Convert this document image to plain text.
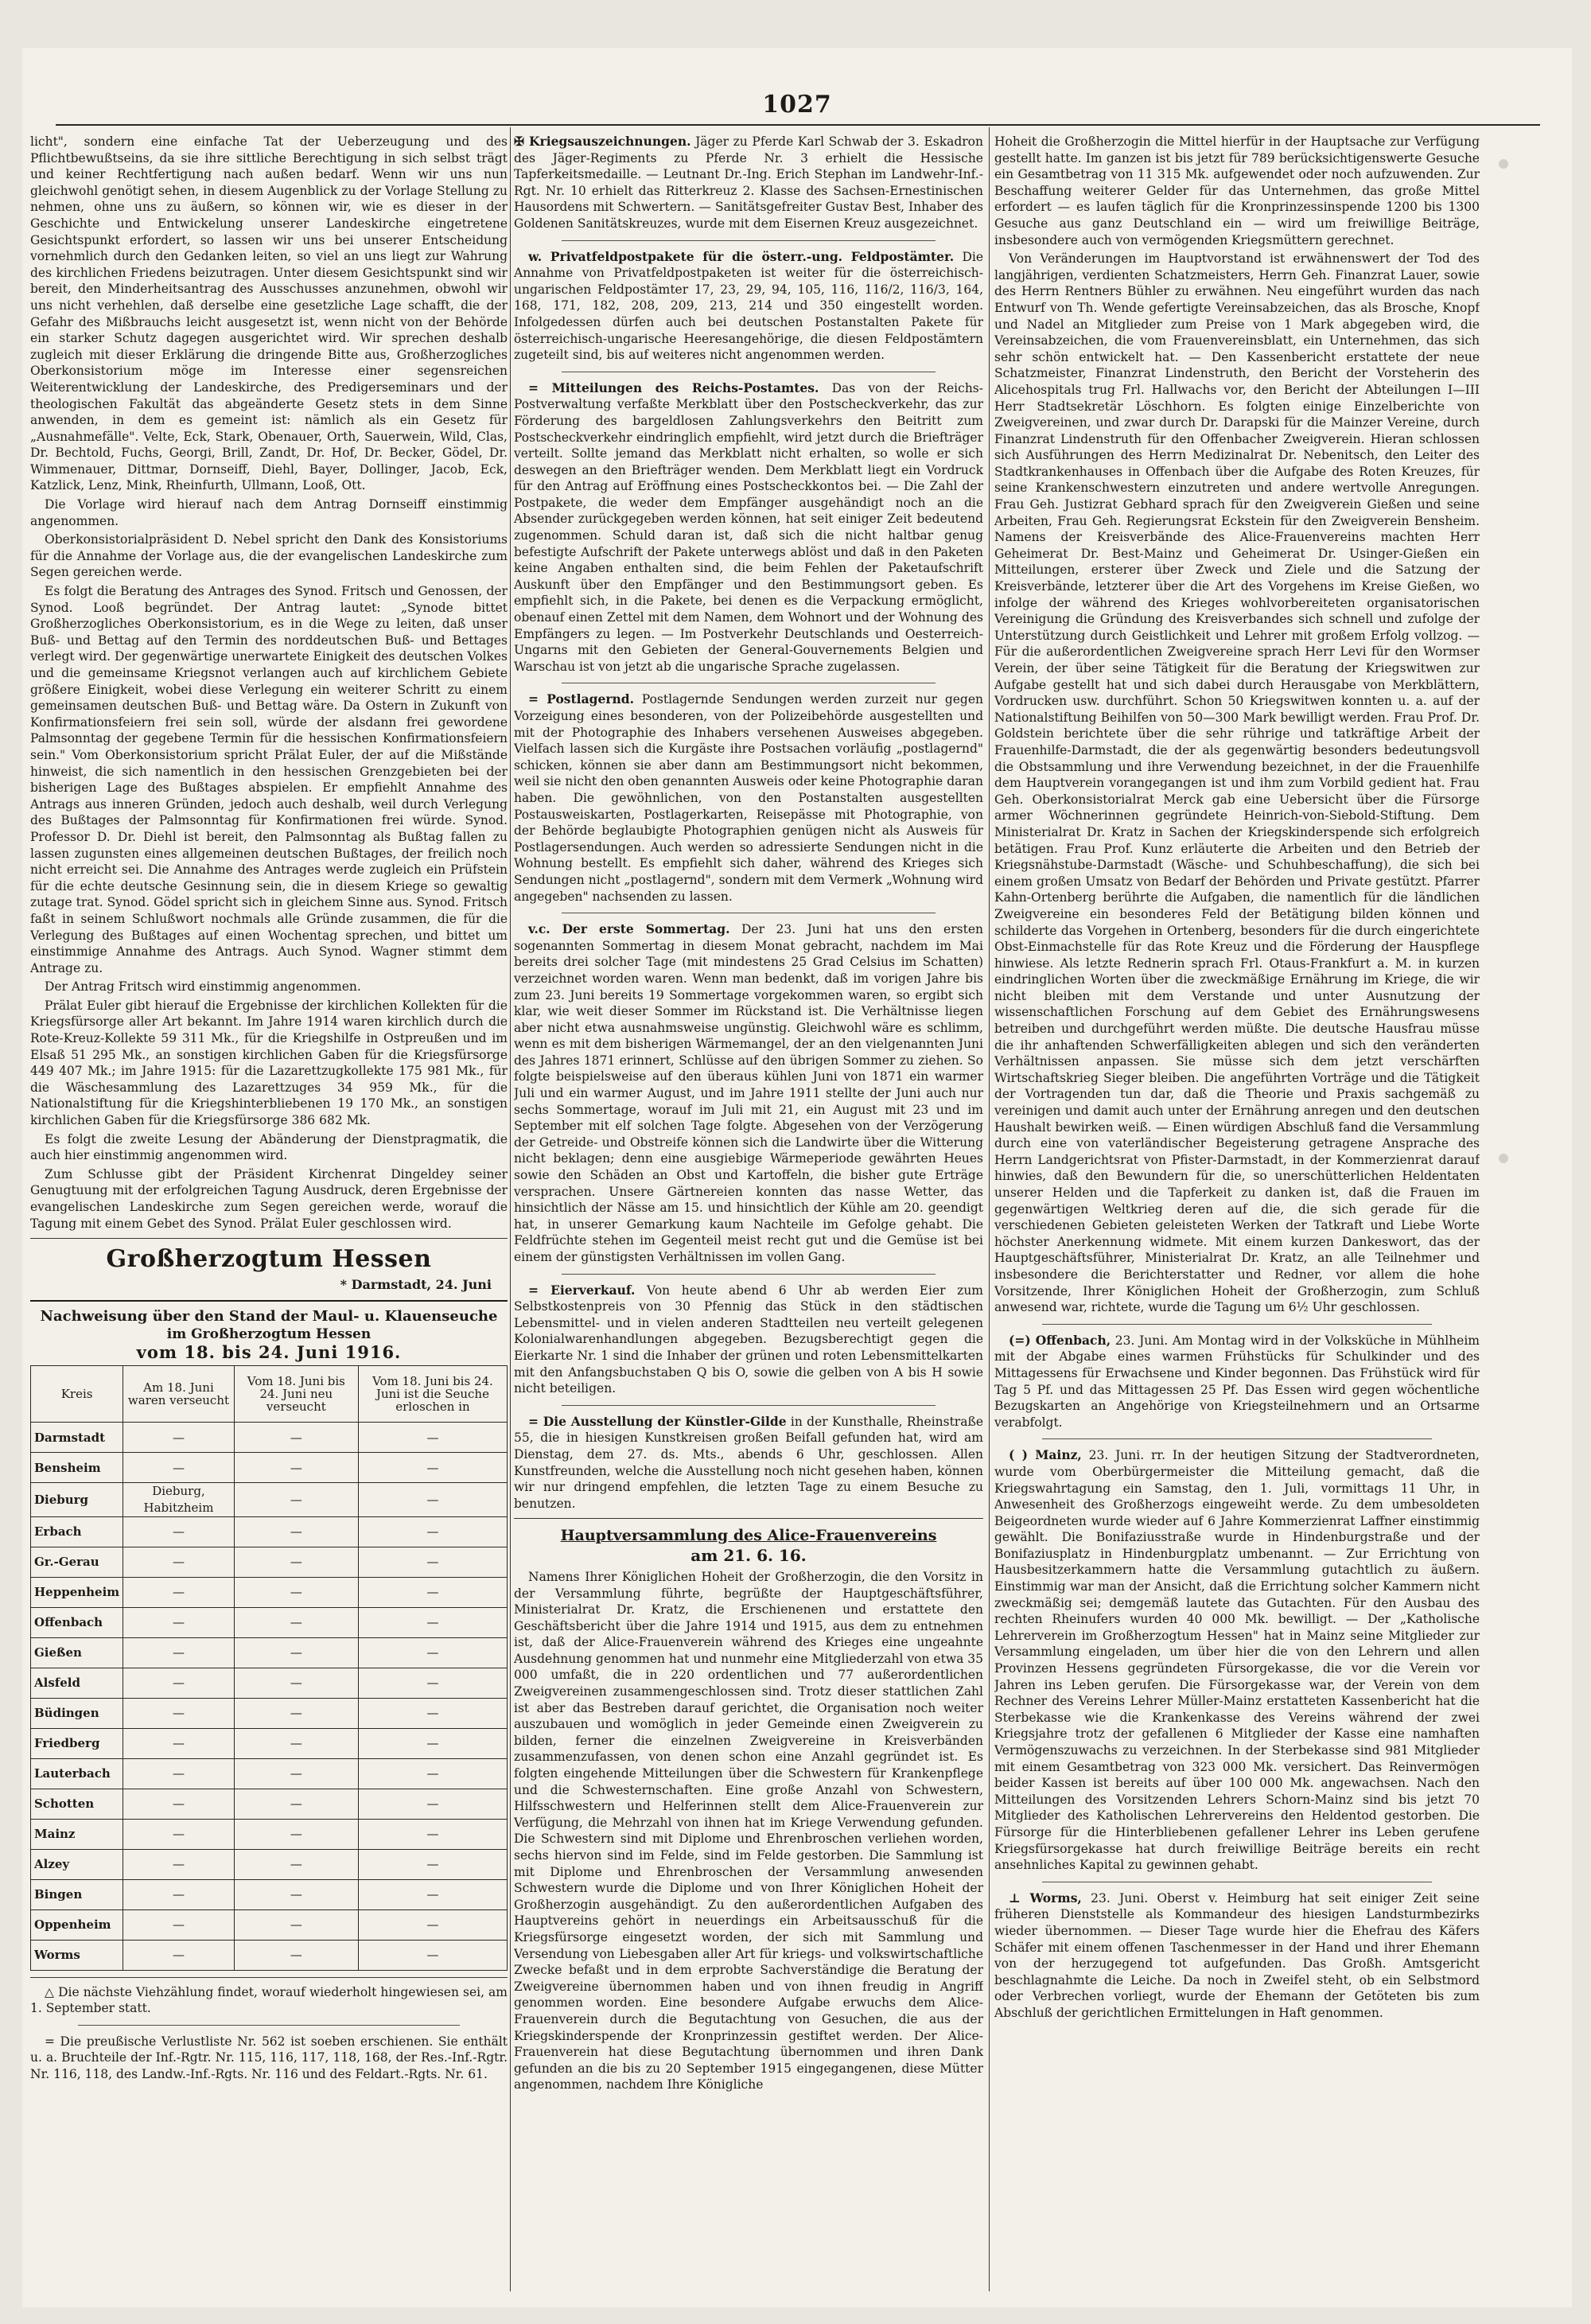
1027

licht", sondern eine einfache Tat der Ueberzeugung und des Pflichtbewußtseins, da sie ihre sittliche Berechtigung in sich selbst trägt und keiner Rechtfertigung nach außen bedarf. Wenn wir uns nun gleichwohl genötigt sehen, in diesem Augenblick zu der Vorlage Stellung zu nehmen, ohne uns zu äußern, so können wir, wie es dieser in der Geschichte und Entwickelung unserer Landeskirche eingetretene Gesichtspunkt erfordert, so lassen wir uns bei unserer Entscheidung vornehmlich durch den Gedanken leiten, so viel an uns liegt zur Wahrung des kirchlichen Friedens beizutragen. Unter diesem Gesichtspunkt sind wir bereit, den Minderheitsantrag des Ausschusses anzunehmen, obwohl wir uns nicht verhehlen, daß derselbe eine gesetzliche Lage schafft, die der Gefahr des Mißbrauchs leicht ausgesetzt ist, wenn nicht von der Behörde ein starker Schutz dagegen ausgerichtet wird. Wir sprechen deshalb zugleich mit dieser Erklärung die dringende Bitte aus, Großherzogliches Oberkonsistorium möge im Interesse einer segensreichen Weiterentwicklung der Landeskirche, des Predigerseminars und der theologischen Fakultät das abgeänderte Gesetz stets in dem Sinne anwenden, in dem es gemeint ist: nämlich als ein Gesetz für „Ausnahmefälle". Velte, Eck, Stark, Obenauer, Orth, Sauerwein, Wild, Clas, Dr. Bechtold, Fuchs, Georgi, Brill, Zandt, Dr. Hof, Dr. Becker, Gödel, Dr. Wimmenauer, Dittmar, Dornseiff, Diehl, Bayer, Dollinger, Jacob, Eck, Katzlick, Lenz, Mink, Rheinfurth, Ullmann, Looß, Ott.

Die Vorlage wird hierauf nach dem Antrag Dornseiff einstimmig angenommen.

Oberkonsistorialpräsident D. Nebel spricht den Dank des Konsistoriums für die Annahme der Vorlage aus, die der evangelischen Landeskirche zum Segen gereichen werde.

Es folgt die Beratung des Antrages des Synod. Fritsch und Genossen, der Synod. Looß begründet. Der Antrag lautet: „Synode bittet Großherzogliches Oberkonsistorium, es in die Wege zu leiten, daß unser Buß- und Bettag auf den Termin des norddeutschen Buß- und Bettages verlegt wird. Der gegenwärtige unerwartete Einigkeit des deutschen Volkes und die gemeinsame Kriegsnot verlangen auch auf kirchlichem Gebiete größere Einigkeit, wobei diese Verlegung ein weiterer Schritt zu einem gemeinsamen deutschen Buß- und Bettag wäre. Da Ostern in Zukunft von Konfirmationsfeiern frei sein soll, würde der alsdann frei gewordene Palmsonntag der gegebene Termin für die hessischen Konfirmationsfeiern sein." Vom Oberkonsistorium spricht Prälat Euler, der auf die Mißstände hinweist, die sich namentlich in den hessischen Grenzgebieten bei der bisherigen Lage des Bußtages abspielen. Er empfiehlt Annahme des Antrags aus inneren Gründen, jedoch auch deshalb, weil durch Verlegung des Bußtages der Palmsonntag für Konfirmationen frei würde. Synod. Professor D. Dr. Diehl ist bereit, den Palmsonntag als Bußtag fallen zu lassen zugunsten eines allgemeinen deutschen Bußtages, der freilich noch nicht erreicht sei. Die Annahme des Antrages werde zugleich ein Prüfstein für die echte deutsche Gesinnung sein, die in diesem Kriege so gewaltig zutage trat. Synod. Gödel spricht sich in gleichem Sinne aus. Synod. Fritsch faßt in seinem Schlußwort nochmals alle Gründe zusammen, die für die Verlegung des Bußtages auf einen Wochentag sprechen, und bittet um einstimmige Annahme des Antrags. Auch Synod. Wagner stimmt dem Antrage zu.

Der Antrag Fritsch wird einstimmig angenommen.

Prälat Euler gibt hierauf die Ergebnisse der kirchlichen Kollekten für die Kriegsfürsorge aller Art bekannt. Im Jahre 1914 waren kirchlich durch die Rote-Kreuz-Kollekte 59 311 Mk., für die Kriegshilfe in Ostpreußen und im Elsaß 51 295 Mk., an sonstigen kirchlichen Gaben für die Kriegsfürsorge 449 407 Mk.; im Jahre 1915: für die Lazarettzugkollekte 175 981 Mk., für die Wäschesammlung des Lazarettzuges 34 959 Mk., für die Nationalstiftung für die Kriegshinterbliebenen 19 170 Mk., an sonstigen kirchlichen Gaben für die Kriegsfürsorge 386 682 Mk.

Es folgt die zweite Lesung der Abänderung der Dienstpragmatik, die auch hier einstimmig angenommen wird.

Zum Schlusse gibt der Präsident Kirchenrat Dingeldey seiner Genugtuung mit der erfolgreichen Tagung Ausdruck, deren Ergebnisse der evangelischen Landeskirche zum Segen gereichen werde, worauf die Tagung mit einem Gebet des Synod. Prälat Euler geschlossen wird.

Großherzogtum Hessen
* Darmstadt, 24. Juni
Nachweisung über den Stand der Maul- u. Klauenseuche
im Großherzogtum Hessen
vom 18. bis 24. Juni 1916.
Kreis	Am 18. Juni waren verseucht	Vom 18. Juni bis 24. Juni neu verseucht	Vom 18. Juni bis 24. Juni ist die Seuche erloschen in
Darmstadt	—	—	—
Bensheim	—	—	—
Dieburg	Dieburg, Habitzheim	—	—
Erbach	—	—	—
Gr.-Gerau	—	—	—
Heppenheim	—	—	—
Offenbach	—	—	—
Gießen	—	—	—
Alsfeld	—	—	—
Büdingen	—	—	—
Friedberg	—	—	—
Lauterbach	—	—	—
Schotten	—	—	—
Mainz	—	—	—
Alzey	—	—	—
Bingen	—	—	—
Oppenheim	—	—	—
Worms	—	—	—

△ Die nächste Viehzählung findet, worauf wiederholt hingewiesen sei, am 1. September statt.

= Die preußische Verlustliste Nr. 562 ist soeben erschienen. Sie enthält u. a. Bruchteile der Inf.-Rgtr. Nr. 115, 116, 117, 118, 168, der Res.-Inf.-Rgtr. Nr. 116, 118, des Landw.-Inf.-Rgts. Nr. 116 und des Feldart.-Rgts. Nr. 61.

✠ Kriegsauszeichnungen. Jäger zu Pferde Karl Schwab der 3. Eskadron des Jäger-Regiments zu Pferde Nr. 3 erhielt die Hessische Tapferkeitsmedaille. — Leutnant Dr.-Ing. Erich Stephan im Landwehr-Inf.-Rgt. Nr. 10 erhielt das Ritterkreuz 2. Klasse des Sachsen-Ernestinischen Hausordens mit Schwertern. — Sanitätsgefreiter Gustav Best, Inhaber des Goldenen Sanitätskreuzes, wurde mit dem Eisernen Kreuz ausgezeichnet.

w. Privatfeldpostpakete für die österr.-ung. Feldpostämter. Die Annahme von Privatfeldpostpaketen ist weiter für die österreichisch-ungarischen Feldpostämter 17, 23, 29, 94, 105, 116, 116/2, 116/3, 164, 168, 171, 182, 208, 209, 213, 214 und 350 eingestellt worden. Infolgedessen dürfen auch bei deutschen Postanstalten Pakete für österreichisch-ungarische Heeresangehörige, die diesen Feldpostämtern zugeteilt sind, bis auf weiteres nicht angenommen werden.

= Mitteilungen des Reichs-Postamtes. Das von der Reichs-Postverwaltung verfaßte Merkblatt über den Postscheckverkehr, das zur Förderung des bargeldlosen Zahlungsverkehrs den Beitritt zum Postscheckverkehr eindringlich empfiehlt, wird jetzt durch die Briefträger verteilt. Sollte jemand das Merkblatt nicht erhalten, so wolle er sich deswegen an den Briefträger wenden. Dem Merkblatt liegt ein Vordruck für den Antrag auf Eröffnung eines Postscheckkontos bei. — Die Zahl der Postpakete, die weder dem Empfänger ausgehändigt noch an die Absender zurückgegeben werden können, hat seit einiger Zeit bedeutend zugenommen. Schuld daran ist, daß sich die nicht haltbar genug befestigte Aufschrift der Pakete unterwegs ablöst und daß in den Paketen keine Angaben enthalten sind, die beim Fehlen der Paketaufschrift Auskunft über den Empfänger und den Bestimmungsort geben. Es empfiehlt sich, in die Pakete, bei denen es die Verpackung ermöglicht, obenauf einen Zettel mit dem Namen, dem Wohnort und der Wohnung des Empfängers zu legen. — Im Postverkehr Deutschlands und Oesterreich-Ungarns mit den Gebieten der General-Gouvernements Belgien und Warschau ist von jetzt ab die ungarische Sprache zugelassen.

= Postlagernd. Postlagernde Sendungen werden zurzeit nur gegen Vorzeigung eines besonderen, von der Polizeibehörde ausgestellten und mit der Photographie des Inhabers versehenen Ausweises abgegeben. Vielfach lassen sich die Kurgäste ihre Postsachen vorläufig „postlagernd" schicken, können sie aber dann am Bestimmungsort nicht bekommen, weil sie nicht den oben genannten Ausweis oder keine Photographie daran haben. Die gewöhnlichen, von den Postanstalten ausgestellten Postausweiskarten, Postlagerkarten, Reisepässe mit Photographie, von der Behörde beglaubigte Photographien genügen nicht als Ausweis für Postlagersendungen. Auch werden so adressierte Sendungen nicht in die Wohnung bestellt. Es empfiehlt sich daher, während des Krieges sich Sendungen nicht „postlagernd", sondern mit dem Vermerk „Wohnung wird angegeben" nachsenden zu lassen.

v.c. Der erste Sommertag. Der 23. Juni hat uns den ersten sogenannten Sommertag in diesem Monat gebracht, nachdem im Mai bereits drei solcher Tage (mit mindestens 25 Grad Celsius im Schatten) verzeichnet worden waren. Wenn man bedenkt, daß im vorigen Jahre bis zum 23. Juni bereits 19 Sommertage vorgekommen waren, so ergibt sich klar, wie weit dieser Sommer im Rückstand ist. Die Verhältnisse liegen aber nicht etwa ausnahmsweise ungünstig. Gleichwohl wäre es schlimm, wenn es mit dem bisherigen Wärmemangel, der an den vielgenannten Juni des Jahres 1871 erinnert, Schlüsse auf den übrigen Sommer zu ziehen. So folgte beispielsweise auf den überaus kühlen Juni von 1871 ein warmer Juli und ein warmer August, und im Jahre 1911 stellte der Juni auch nur sechs Sommertage, worauf im Juli mit 21, ein August mit 23 und im September mit elf solchen Tage folgte. Abgesehen von der Verzögerung der Getreide- und Obstreife können sich die Landwirte über die Witterung nicht beklagen; denn eine ausgiebige Wärmeperiode gewährten Heues sowie den Schäden an Obst und Kartoffeln, die bisher gute Erträge versprachen. Unsere Gärtnereien konnten das nasse Wetter, das hinsichtlich der Nässe am 15. und hinsichtlich der Kühle am 20. geendigt hat, in unserer Gemarkung kaum Nachteile im Gefolge gehabt. Die Feldfrüchte stehen im Gegenteil meist recht gut und die Gemüse ist bei einem der günstigsten Verhältnissen im vollen Gang.

= Eierverkauf. Von heute abend 6 Uhr ab werden Eier zum Selbstkostenpreis von 30 Pfennig das Stück in den städtischen Lebensmittel- und in vielen anderen Stadtteilen neu verteilt gelegenen Kolonialwarenhandlungen abgegeben. Bezugsberechtigt gegen die Eierkarte Nr. 1 sind die Inhaber der grünen und roten Lebensmittelkarten mit den Anfangsbuchstaben Q bis O, sowie die gelben von A bis H sowie nicht beteiligen.

= Die Ausstellung der Künstler-Gilde in der Kunsthalle, Rheinstraße 55, die in hiesigen Kunstkreisen großen Beifall gefunden hat, wird am Dienstag, dem 27. ds. Mts., abends 6 Uhr, geschlossen. Allen Kunstfreunden, welche die Ausstellung noch nicht gesehen haben, können wir nur dringend empfehlen, die letzten Tage zu einem Besuche zu benutzen.

Hauptversammlung des Alice-Frauenvereins
am 21. 6. 16.

Namens Ihrer Königlichen Hoheit der Großherzogin, die den Vorsitz in der Versammlung führte, begrüßte der Hauptgeschäftsführer, Ministerialrat Dr. Kratz, die Erschienenen und erstattete den Geschäftsbericht über die Jahre 1914 und 1915, aus dem zu entnehmen ist, daß der Alice-Frauenverein während des Krieges eine ungeahnte Ausdehnung genommen hat und nunmehr eine Mitgliederzahl von etwa 35 000 umfaßt, die in 220 ordentlichen und 77 außerordentlichen Zweigvereinen zusammengeschlossen sind. Trotz dieser stattlichen Zahl ist aber das Bestreben darauf gerichtet, die Organisation noch weiter auszubauen und womöglich in jeder Gemeinde einen Zweigverein zu bilden, ferner die einzelnen Zweigvereine in Kreisverbänden zusammenzufassen, von denen schon eine Anzahl gegründet ist. Es folgten eingehende Mitteilungen über die Schwestern für Krankenpflege und die Schwesternschaften. Eine große Anzahl von Schwestern, Hilfsschwestern und Helferinnen stellt dem Alice-Frauenverein zur Verfügung, die Mehrzahl von ihnen hat im Kriege Verwendung gefunden. Die Schwestern sind mit Diplome und Ehrenbroschen verliehen worden, sechs hiervon sind im Felde, sind im Felde gestorben. Die Sammlung ist mit Diplome und Ehrenbroschen der Versammlung anwesenden Schwestern wurde die Diplome und von Ihrer Königlichen Hoheit der Großherzogin ausgehändigt. Zu den außerordentlichen Aufgaben des Hauptvereins gehört in neuerdings ein Arbeitsausschuß für die Kriegsfürsorge eingesetzt worden, der sich mit Sammlung und Versendung von Liebesgaben aller Art für kriegs- und volkswirtschaftliche Zwecke befaßt und in dem erprobte Sachverständige die Beratung der Zweigvereine übernommen haben und von ihnen freudig in Angriff genommen worden. Eine besondere Aufgabe erwuchs dem Alice-Frauenverein durch die Begutachtung von Gesuchen, die aus der Kriegskinderspende der Kronprinzessin gestiftet werden. Der Alice-Frauenverein hat diese Begutachtung übernommen und ihren Dank gefunden an die bis zu 20 September 1915 eingegangenen, diese Mütter angenommen, nachdem Ihre Königliche

Hoheit die Großherzogin die Mittel hierfür in der Hauptsache zur Verfügung gestellt hatte. Im ganzen ist bis jetzt für 789 berücksichtigenswerte Gesuche ein Gesamtbetrag von 11 315 Mk. aufgewendet oder noch aufzuwenden. Zur Beschaffung weiterer Gelder für das Unternehmen, das große Mittel erfordert — es laufen täglich für die Kronprinzessinspende 1200 bis 1300 Gesuche aus ganz Deutschland ein — wird um freiwillige Beiträge, insbesondere auch von vermögenden Kriegsmüttern gerechnet.

Von Veränderungen im Hauptvorstand ist erwähnenswert der Tod des langjährigen, verdienten Schatzmeisters, Herrn Geh. Finanzrat Lauer, sowie des Herrn Rentners Bühler zu erwähnen. Neu eingeführt wurden das nach Entwurf von Th. Wende gefertigte Vereinsabzeichen, das als Brosche, Knopf und Nadel an Mitglieder zum Preise von 1 Mark abgegeben wird, die Vereinsabzeichen, die vom Frauenvereinsblatt, ein Unternehmen, das sich sehr schön entwickelt hat. — Den Kassenbericht erstattete der neue Schatzmeister, Finanzrat Lindenstruth, den Bericht der Vorsteherin des Alicehospitals trug Frl. Hallwachs vor, den Bericht der Abteilungen I—III Herr Stadtsekretär Löschhorn. Es folgten einige Einzelberichte von Zweigvereinen, und zwar durch Dr. Darapski für die Mainzer Vereine, durch Finanzrat Lindenstruth für den Offenbacher Zweigverein. Hieran schlossen sich Ausführungen des Herrn Medizinalrat Dr. Nebenitsch, den Leiter des Stadtkrankenhauses in Offenbach über die Aufgabe des Roten Kreuzes, für seine Krankenschwestern einzutreten und andere wertvolle Anregungen. Frau Geh. Justizrat Gebhard sprach für den Zweigverein Gießen und seine Arbeiten, Frau Geh. Regierungsrat Eckstein für den Zweigverein Bensheim. Namens der Kreisverbände des Alice-Frauenvereins machten Herr Geheimerat Dr. Best-Mainz und Geheimerat Dr. Usinger-Gießen ein Mitteilungen, ersterer über Zweck und Ziele und die Satzung der Kreisverbände, letzterer über die Art des Vorgehens im Kreise Gießen, wo infolge der während des Krieges wohlvorbereiteten organisatorischen Vereinigung die Gründung des Kreisverbandes sich schnell und zufolge der Unterstützung durch Geistlichkeit und Lehrer mit großem Erfolg vollzog. — Für die außerordentlichen Zweigvereine sprach Herr Levi für den Wormser Verein, der über seine Tätigkeit für die Beratung der Kriegswitwen zur Aufgabe gestellt hat und sich dabei durch Herausgabe von Merkblättern, Vordrucken usw. durchführt. Schon 50 Kriegswitwen konnten u. a. auf der Nationalstiftung Beihilfen von 50—300 Mark bewilligt werden. Frau Prof. Dr. Goldstein berichtete über die sehr rührige und tatkräftige Arbeit der Frauenhilfe-Darmstadt, die der als gegenwärtig besonders bedeutungsvoll die Obstsammlung und ihre Verwendung bezeichnet, in der die Frauenhilfe dem Hauptverein vorangegangen ist und ihm zum Vorbild gedient hat. Frau Geh. Oberkonsistorialrat Merck gab eine Uebersicht über die Fürsorge armer Wöchnerinnen gegründete Heinrich-von-Siebold-Stiftung. Dem Ministerialrat Dr. Kratz in Sachen der Kriegskinderspende sich erfolgreich betätigen. Frau Prof. Kunz erläuterte die Arbeiten und den Betrieb der Kriegsnähstube-Darmstadt (Wäsche- und Schuhbeschaffung), die sich bei einem großen Umsatz von Bedarf der Behörden und Private gestützt. Pfarrer Kahn-Ortenberg berührte die Aufgaben, die namentlich für die ländlichen Zweigvereine ein besonderes Feld der Betätigung bilden können und schilderte das Vorgehen in Ortenberg, besonders für die durch eingerichtete Obst-Einmachstelle für das Rote Kreuz und die Förderung der Hauspflege hinwiese. Als letzte Rednerin sprach Frl. Otaus-Frankfurt a. M. in kurzen eindringlichen Worten über die zweckmäßige Ernährung im Kriege, die wir nicht bleiben mit dem Verstande und unter Ausnutzung der wissenschaftlichen Forschung auf dem Gebiet des Ernährungswesens betreiben und durchgeführt werden müßte. Die deutsche Hausfrau müsse die ihr anhaftenden Schwerfälligkeiten ablegen und sich den veränderten Verhältnissen anpassen. Sie müsse sich dem jetzt verschärften Wirtschaftskrieg Sieger bleiben. Die angeführten Vorträge und die Tätigkeit der Vortragenden tun dar, daß die Theorie und Praxis sachgemäß zu vereinigen und damit auch unter der Ernährung anregen und den deutschen Haushalt bewirken weiß. — Einen würdigen Abschluß fand die Versammlung durch eine von vaterländischer Begeisterung getragene Ansprache des Herrn Landgerichtsrat von Pfister-Darmstadt, in der Kommerzienrat darauf hinwies, daß den Bewundern für die, so unerschütterlichen Heldentaten unserer Helden und die Tapferkeit zu danken ist, daß die Frauen im gegenwärtigen Weltkrieg deren auf die, die sich gerade für die verschiedenen Gebieten geleisteten Werken der Tatkraft und Liebe Worte höchster Anerkennung widmete. Mit einem kurzen Dankeswort, das der Hauptgeschäftsführer, Ministerialrat Dr. Kratz, an alle Teilnehmer und insbesondere die Berichterstatter und Redner, vor allem die hohe Vorsitzende, Ihrer Königlichen Hoheit der Großherzogin, zum Schluß anwesend war, richtete, wurde die Tagung um 6½ Uhr geschlossen.

(=) Offenbach, 23. Juni. Am Montag wird in der Volksküche in Mühlheim mit der Abgabe eines warmen Frühstücks für Schulkinder und des Mittagessens für Erwachsene und Kinder begonnen. Das Frühstück wird für Tag 5 Pf. und das Mittagessen 25 Pf. Das Essen wird gegen wöchentliche Bezugskarten an Angehörige von Kriegsteilnehmern und an Ortsarme verabfolgt.

( ) Mainz, 23. Juni. rr. In der heutigen Sitzung der Stadtverordneten, wurde vom Oberbürgermeister die Mitteilung gemacht, daß die Kriegswahrtagung ein Samstag, den 1. Juli, vormittags 11 Uhr, in Anwesenheit des Großherzogs eingeweiht werde. Zu dem umbesoldeten Beigeordneten wurde wieder auf 6 Jahre Kommerzienrat Laffner einstimmig gewählt. Die Bonifaziusstraße wurde in Hindenburgstraße und der Bonifaziusplatz in Hindenburgplatz umbenannt. — Zur Errichtung von Hausbesitzerkammern hatte die Versammlung gutachtlich zu äußern. Einstimmig war man der Ansicht, daß die Errichtung solcher Kammern nicht zweckmäßig sei; demgemäß lautete das Gutachten. Für den Ausbau des rechten Rheinufers wurden 40 000 Mk. bewilligt. — Der „Katholische Lehrerverein im Großherzogtum Hessen" hat in Mainz seine Mitglieder zur Versammlung eingeladen, um über hier die von den Lehrern und allen Provinzen Hessens gegründeten Fürsorgekasse, die vor die Verein vor Jahren ins Leben gerufen. Die Fürsorgekasse war, der Verein von dem Rechner des Vereins Lehrer Müller-Mainz erstatteten Kassenbericht hat die Sterbekasse wie die Krankenkasse des Vereins während der zwei Kriegsjahre trotz der gefallenen 6 Mitglieder der Kasse eine namhaften Vermögenszuwachs zu verzeichnen. In der Sterbekasse sind 981 Mitglieder mit einem Gesamtbetrag von 323 000 Mk. versichert. Das Reinvermögen beider Kassen ist bereits auf über 100 000 Mk. angewachsen. Nach den Mitteilungen des Vorsitzenden Lehrers Schorn-Mainz sind bis jetzt 70 Mitglieder des Katholischen Lehrervereins den Heldentod gestorben. Die Fürsorge für die Hinterbliebenen gefallener Lehrer ins Leben gerufene Kriegsfürsorgekasse hat durch freiwillige Beiträge bereits ein recht ansehnliches Kapital zu gewinnen gehabt.

⊥ Worms, 23. Juni. Oberst v. Heimburg hat seit einiger Zeit seine früheren Dienststelle als Kommandeur des hiesigen Landsturmbezirks wieder übernommen. — Dieser Tage wurde hier die Ehefrau des Käfers Schäfer mit einem offenen Taschenmesser in der Hand und ihrer Ehemann von der herzugegend tot aufgefunden. Das Großh. Amtsgericht beschlagnahmte die Leiche. Da noch in Zweifel steht, ob ein Selbstmord oder Verbrechen vorliegt, wurde der Ehemann der Getöteten bis zum Abschluß der gerichtlichen Ermittelungen in Haft genommen.
